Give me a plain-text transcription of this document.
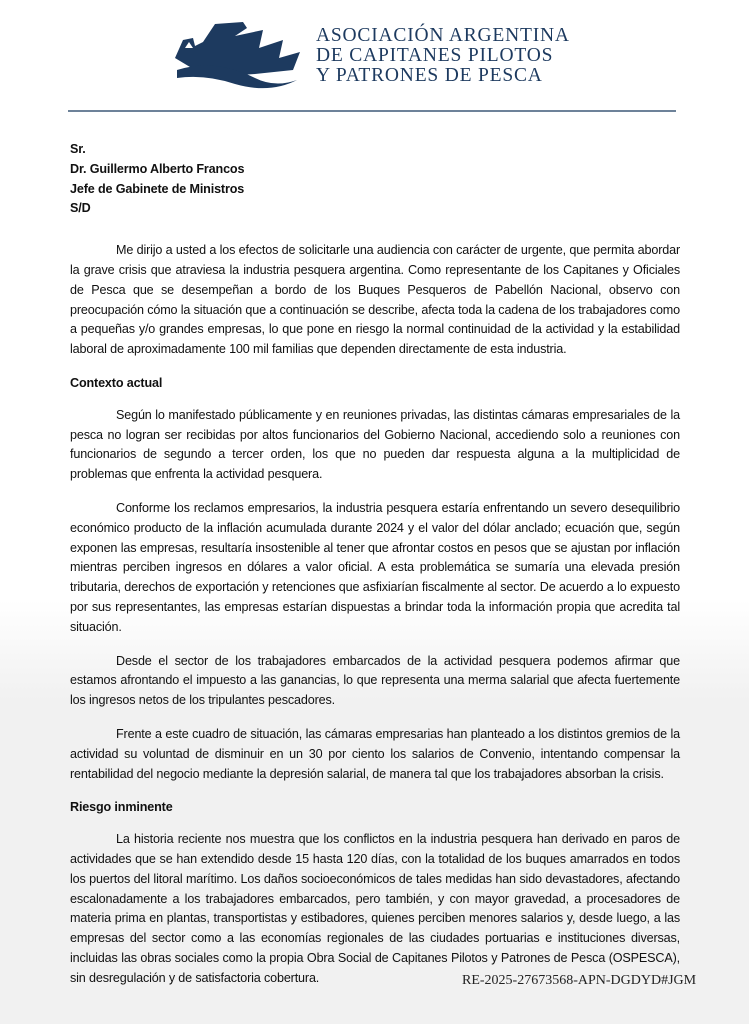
ASOCIACIÓN ARGENTINA
DE CAPITANES PILOTOS
Y PATRONES DE PESCA
Sr.
Dr. Guillermo Alberto Francos
Jefe de Gabinete de Ministros
S/D

Me dirijo a usted a los efectos de solicitarle una audiencia con carácter de urgente, que permita abordar la grave crisis que atraviesa la industria pesquera argentina. Como representante de los Capitanes y Oficiales de Pesca que se desempeñan a bordo de los Buques Pesqueros de Pabellón Nacional, observo con preocupación cómo la situación que a continuación se describe, afecta toda la cadena de los trabajadores como a pequeñas y/o grandes empresas, lo que pone en riesgo la normal continuidad de la actividad y la estabilidad laboral de aproximadamente 100 mil familias que dependen directamente de esta industria.

Contexto actual

Según lo manifestado públicamente y en reuniones privadas, las distintas cámaras empresariales de la pesca no logran ser recibidas por altos funcionarios del Gobierno Nacional, accediendo solo a reuniones con funcionarios de segundo a tercer orden, los que no pueden dar respuesta alguna a la multiplicidad de problemas que enfrenta la actividad pesquera.

Conforme los reclamos empresarios, la industria pesquera estaría enfrentando un severo desequilibrio económico producto de la inflación acumulada durante 2024 y el valor del dólar anclado; ecuación que, según exponen las empresas, resultaría insostenible al tener que afrontar costos en pesos que se ajustan por inflación mientras perciben ingresos en dólares a valor oficial. A esta problemática se sumaría una elevada presión tributaria, derechos de exportación y retenciones que asfixiarían fiscalmente al sector. De acuerdo a lo expuesto por sus representantes, las empresas estarían dispuestas a brindar toda la información propia que acredita tal situación.

Desde el sector de los trabajadores embarcados de la actividad pesquera podemos afirmar que estamos afrontando el impuesto a las ganancias, lo que representa una merma salarial que afecta fuertemente los ingresos netos de los tripulantes pescadores.

Frente a este cuadro de situación, las cámaras empresarias han planteado a los distintos gremios de la actividad su voluntad de disminuir en un 30 por ciento los salarios de Convenio, intentando compensar la rentabilidad del negocio mediante la depresión salarial, de manera tal que los trabajadores absorban la crisis.

Riesgo inminente

La historia reciente nos muestra que los conflictos en la industria pesquera han derivado en paros de actividades que se han extendido desde 15 hasta 120 días, con la totalidad de los buques amarrados en todos los puertos del litoral marítimo. Los daños socioeconómicos de tales medidas han sido devastadores, afectando escalonadamente a los trabajadores embarcados, pero también, y con mayor gravedad, a procesadores de materia prima en plantas, transportistas y estibadores, quienes perciben menores salarios y, desde luego, a las empresas del sector como a las economías regionales de las ciudades portuarias e instituciones diversas, incluidas las obras sociales como la propia Obra Social de Capitanes Pilotos y Patrones de Pesca (OSPESCA), sin desregulación y de satisfactoria cobertura.	RE-2025-27673568-APN-DGDYD#JGM
